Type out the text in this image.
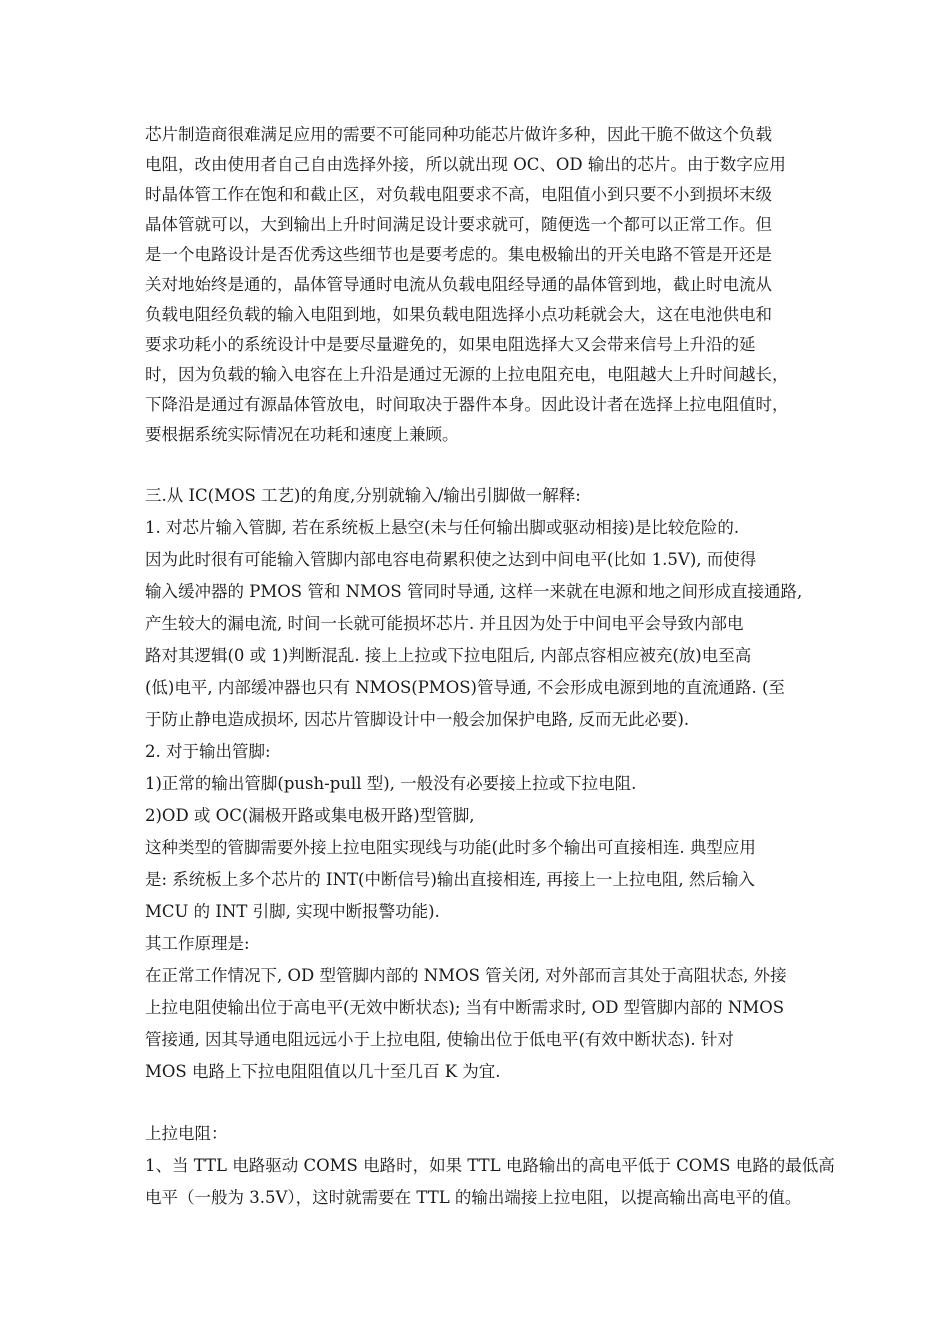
芯片制造商很难满足应用的需要不可能同种功能芯片做许多种，因此干脆不做这个负载
电阻，改由使用者自己自由选择外接，所以就出现 OC、OD 输出的芯片。由于数字应用
时晶体管工作在饱和和截止区，对负载电阻要求不高，电阻值小到只要不小到损坏末级
晶体管就可以，大到输出上升时间满足设计要求就可，随便选一个都可以正常工作。但
是一个电路设计是否优秀这些细节也是要考虑的。集电极输出的开关电路不管是开还是
关对地始终是通的，晶体管导通时电流从负载电阻经导通的晶体管到地，截止时电流从
负载电阻经负载的输入电阻到地，如果负载电阻选择小点功耗就会大，这在电池供电和
要求功耗小的系统设计中是要尽量避免的，如果电阻选择大又会带来信号上升沿的延
时，因为负载的输入电容在上升沿是通过无源的上拉电阻充电，电阻越大上升时间越长，
下降沿是通过有源晶体管放电，时间取决于器件本身。因此设计者在选择上拉电阻值时，
要根据系统实际情况在功耗和速度上兼顾。
三.从 IC(MOS 工艺)的角度,分别就输入/输出引脚做一解释:
1. 对芯片输入管脚, 若在系统板上悬空(未与任何输出脚或驱动相接)是比较危险的.
因为此时很有可能输入管脚内部电容电荷累积使之达到中间电平(比如 1.5V), 而使得
输入缓冲器的 PMOS 管和 NMOS 管同时导通, 这样一来就在电源和地之间形成直接通路,
产生较大的漏电流, 时间一长就可能损坏芯片. 并且因为处于中间电平会导致内部电
路对其逻辑(0 或 1)判断混乱. 接上上拉或下拉电阻后, 内部点容相应被充(放)电至高
(低)电平, 内部缓冲器也只有 NMOS(PMOS)管导通, 不会形成电源到地的直流通路. (至
于防止静电造成损坏, 因芯片管脚设计中一般会加保护电路, 反而无此必要).
2. 对于输出管脚:
1)正常的输出管脚(push-pull 型), 一般没有必要接上拉或下拉电阻.
2)OD 或 OC(漏极开路或集电极开路)型管脚,
这种类型的管脚需要外接上拉电阻实现线与功能(此时多个输出可直接相连. 典型应用
是: 系统板上多个芯片的 INT(中断信号)输出直接相连, 再接上一上拉电阻, 然后输入
MCU 的 INT 引脚, 实现中断报警功能).
其工作原理是:
在正常工作情况下, OD 型管脚内部的 NMOS 管关闭, 对外部而言其处于高阻状态, 外接
上拉电阻使输出位于高电平(无效中断状态); 当有中断需求时, OD 型管脚内部的 NMOS
管接通, 因其导通电阻远远小于上拉电阻, 使输出位于低电平(有效中断状态). 针对
MOS 电路上下拉电阻阻值以几十至几百 K 为宜.
上拉电阻：
1、当 TTL 电路驱动 COMS 电路时，如果 TTL 电路输出的高电平低于 COMS 电路的最低高
电平（一般为 3.5V），这时就需要在 TTL 的输出端接上拉电阻，以提高输出高电平的值。
